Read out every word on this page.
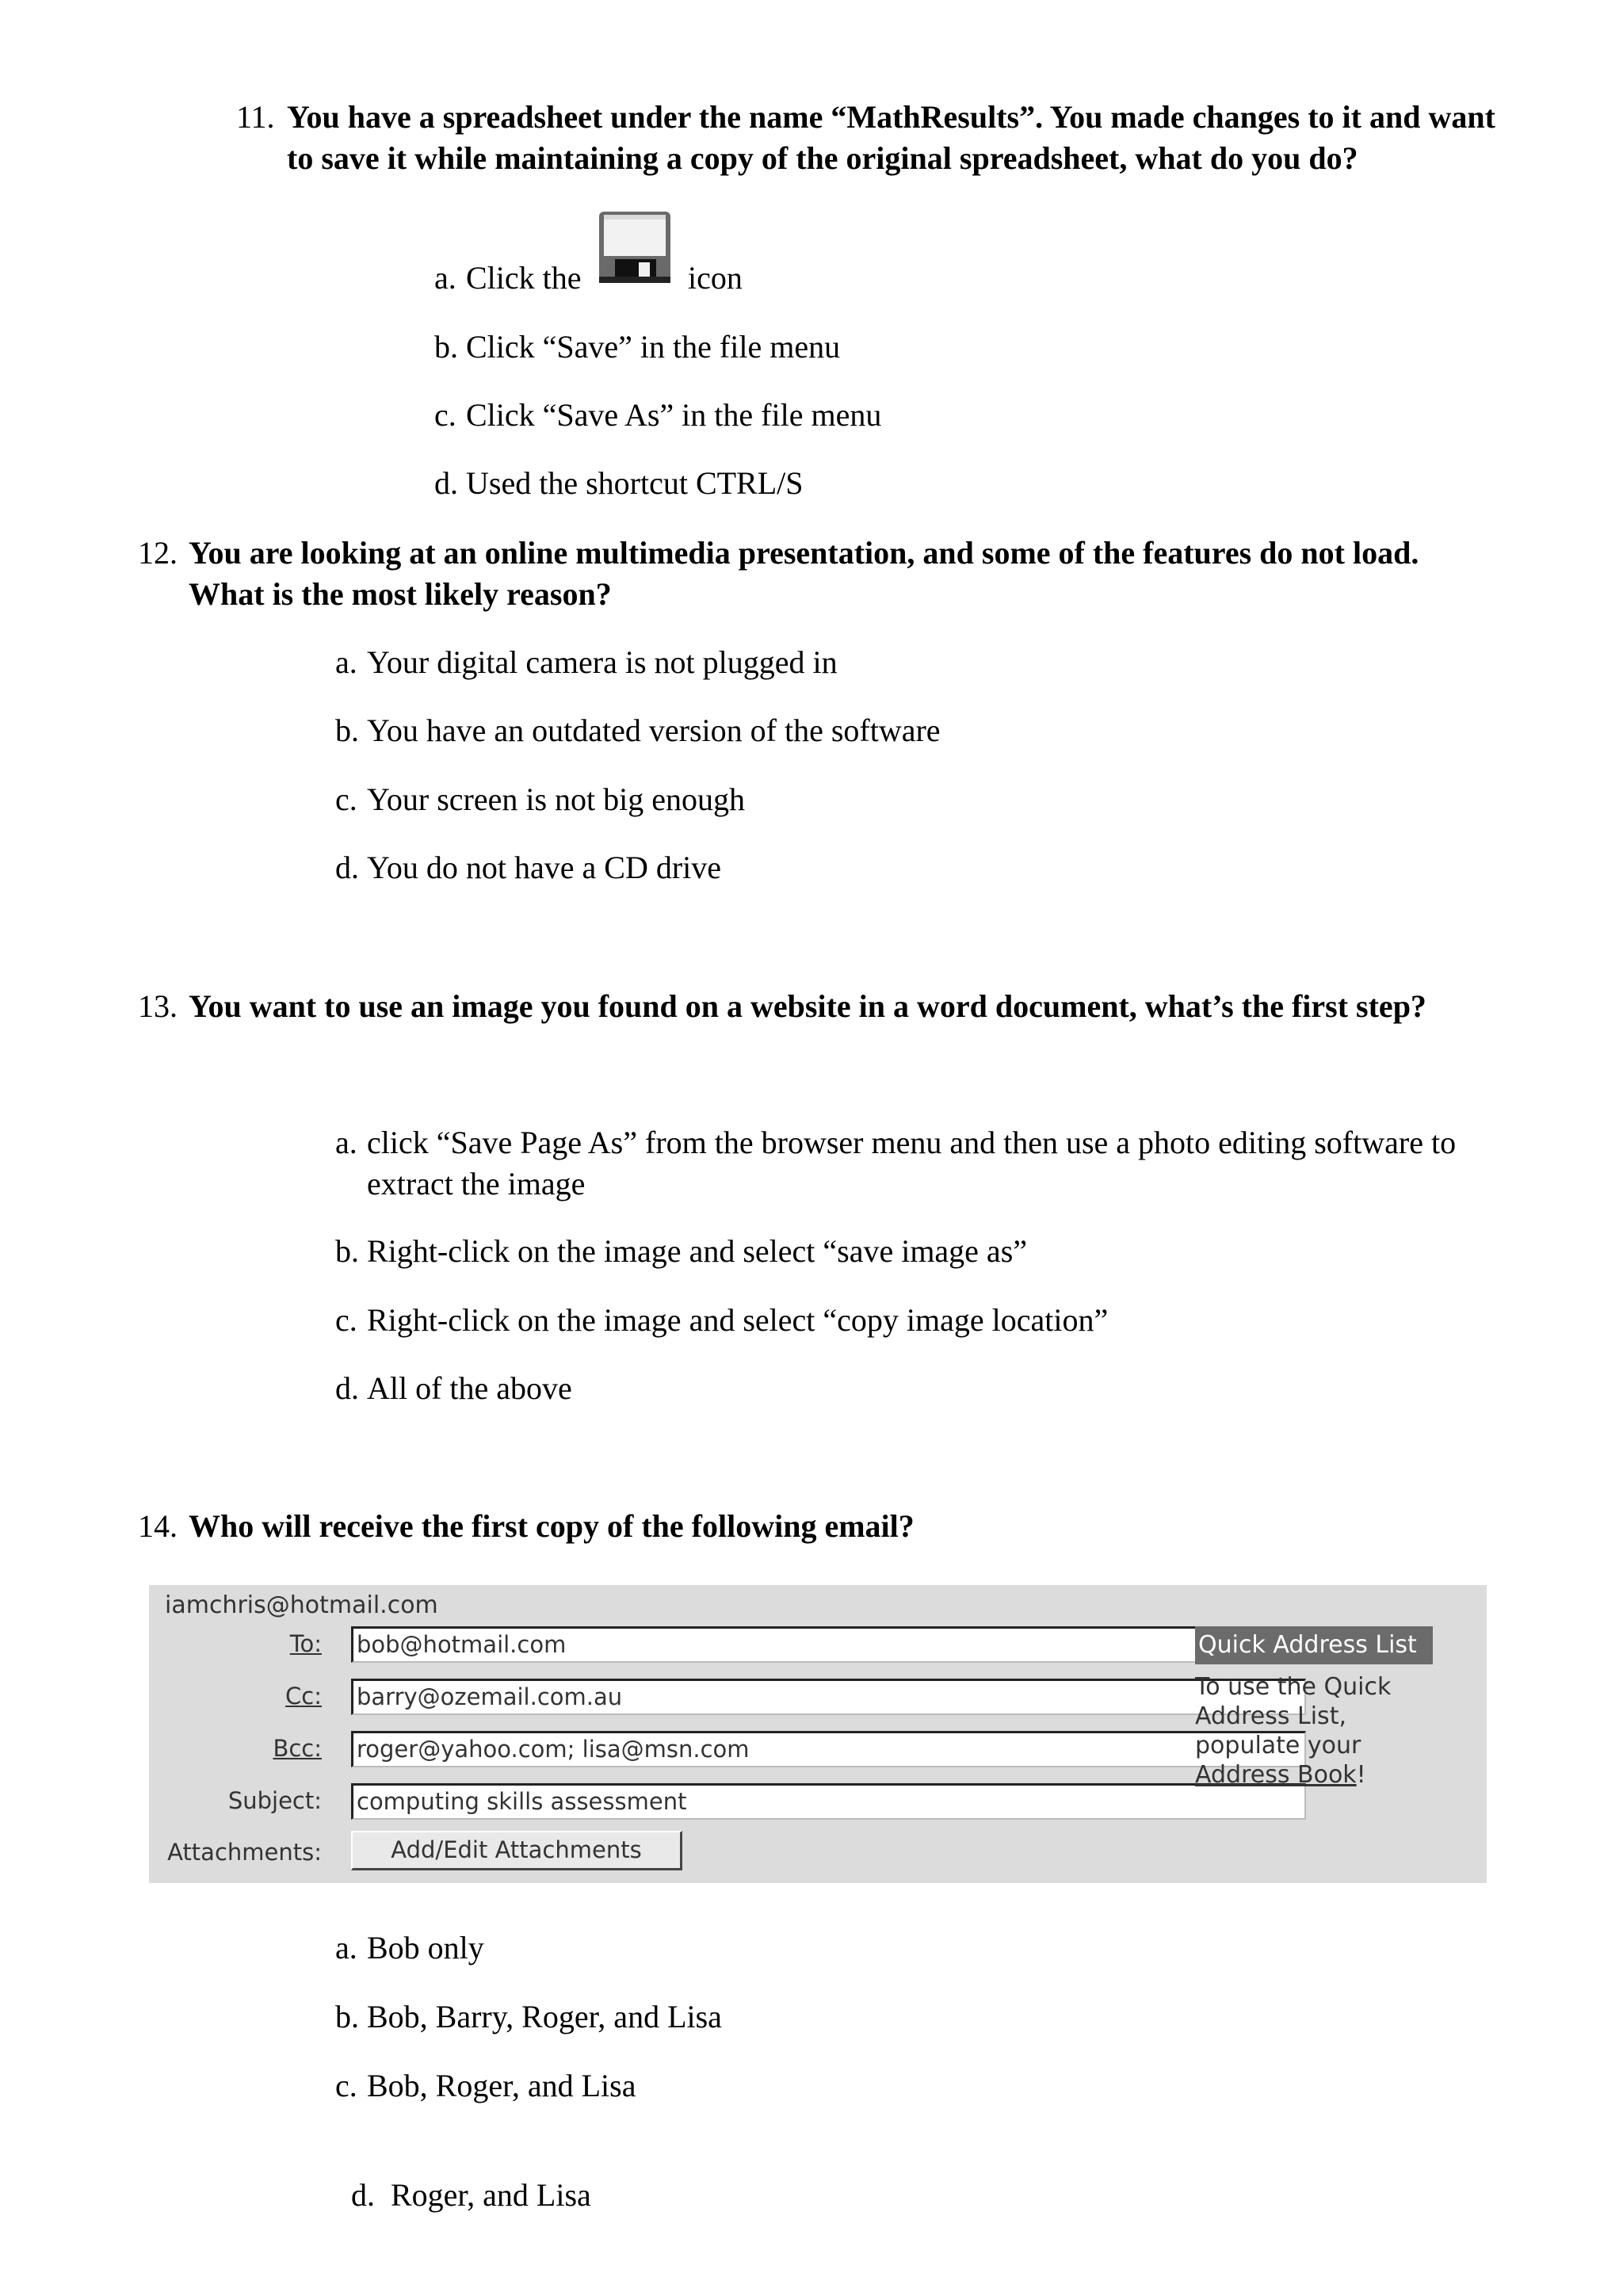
11. You have a spreadsheet under the name “MathResults”. You made changes to it and want to save it while maintaining a copy of the original spreadsheet, what do you do?
a. Click the	icon
b. Click “Save” in the file menu
c. Click “Save As” in the file menu
d. Used the shortcut CTRL/S
12. You are looking at an online multimedia presentation, and some of the features do not load. What is the most likely reason?
a. Your digital camera is not plugged in
b. You have an outdated version of the software
c. Your screen is not big enough
d. You do not have a CD drive
13. You want to use an image you found on a website in a word document, what’s the first step?
a. click “Save Page As” from the browser menu and then use a photo editing software to extract the image
b. Right-click on the image and select “save image as”
c. Right-click on the image and select “copy image location”
d. All of the above
14. Who will receive the first copy of the following email?
iamchris@hotmail.com
To: bob@hotmail.com
Cc: barry@ozemail.com.au
Bcc: roger@yahoo.com; lisa@msn.com
Subject: computing skills assessment
Attachments:	Add/Edit Attachments
Quick Address List
To use the Quick Address List, populate your Address Book!
a. Bob only
b. Bob, Barry, Roger, and Lisa
c. Bob, Roger, and Lisa

d. Roger, and Lisa
